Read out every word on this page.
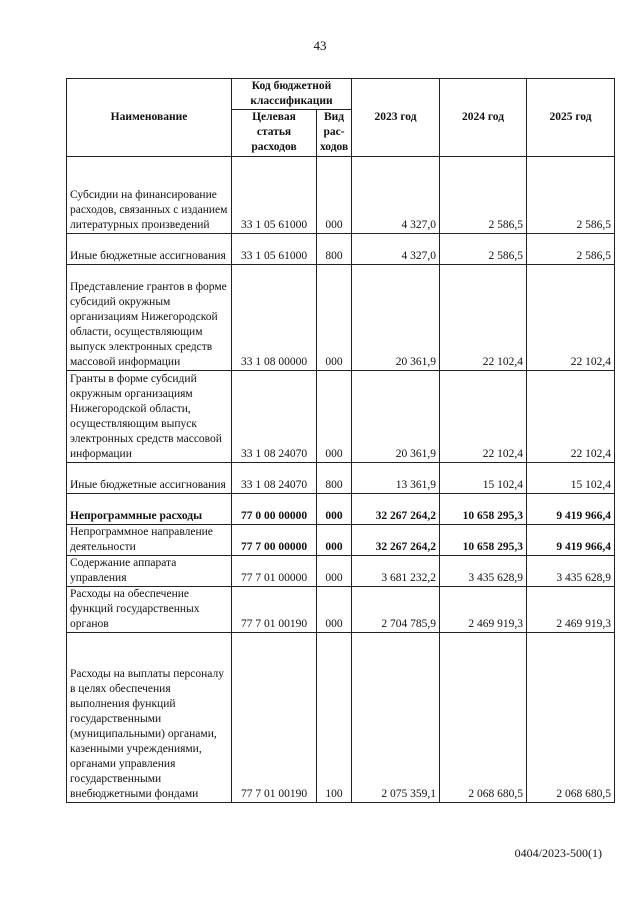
43
Наименование	Код бюджетной классификации		2023 год	2024 год	2025 год
	Целевая статья расходов	Вид рас-ходов			
Субсидии на финансирование расходов, связанных с изданием литературных произведений	33 1 05 61000	000	4 327,0	2 586,5	2 586,5
Иные бюджетные ассигнования	33 1 05 61000	800	4 327,0	2 586,5	2 586,5
Представление грантов в форме субсидий окружным организациям Нижегородской области, осуществляющим выпуск электронных средств массовой информации	33 1 08 00000	000	20 361,9	22 102,4	22 102,4
Гранты в форме субсидий окружным организациям Нижегородской области, осуществляющим выпуск электронных средств массовой информации	33 1 08 24070	000	20 361,9	22 102,4	22 102,4
Иные бюджетные ассигнования	33 1 08 24070	800	13 361,9	15 102,4	15 102,4
Непрограммные расходы	77 0 00 00000	000	32 267 264,2	10 658 295,3	9 419 966,4
Непрограммное направление деятельности	77 7 00 00000	000	32 267 264,2	10 658 295,3	9 419 966,4
Содержание аппарата управления	77 7 01 00000	000	3 681 232,2	3 435 628,9	3 435 628,9
Расходы на обеспечение функций государственных органов	77 7 01 00190	000	2 704 785,9	2 469 919,3	2 469 919,3
Расходы на выплаты персоналу в целях обеспечения выполнения функций государственными (муниципальными) органами, казенными учреждениями, органами управления государственными внебюджетными фондами	77 7 01 00190	100	2 075 359,1	2 068 680,5	2 068 680,5
0404/2023-500(1)
